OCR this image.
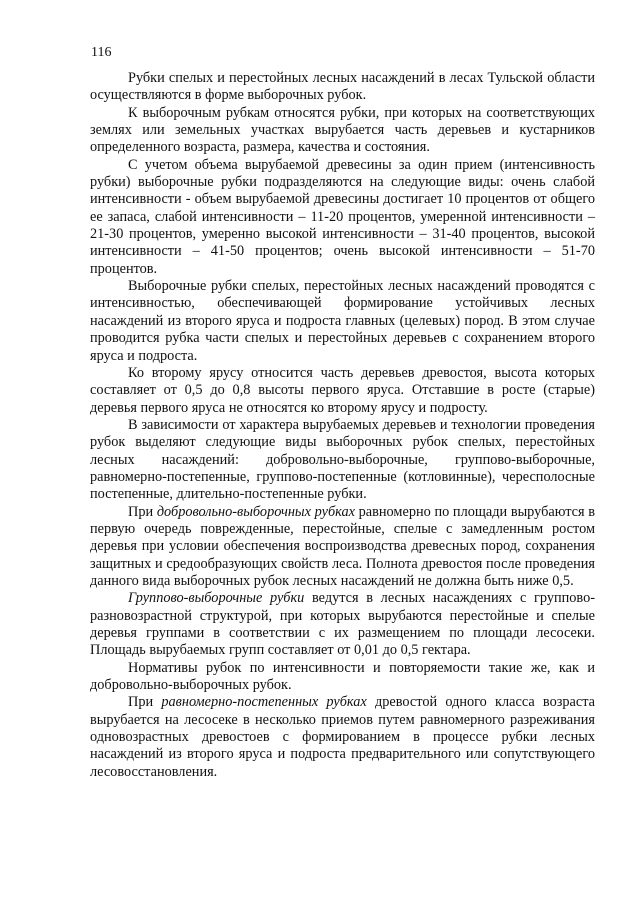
116

Рубки спелых и перестойных лесных насаждений в лесах Тульской области осуществляются в форме выборочных рубок.

К выборочным рубкам относятся рубки, при которых на соответствующих землях или земельных участках вырубается часть деревьев и кустарников определенного возраста, размера, качества и состояния.

С учетом объема вырубаемой древесины за один прием (интенсивность рубки) выборочные рубки подразделяются на следующие виды: очень слабой интенсивности - объем вырубаемой древесины достигает 10 процентов от общего ее запаса, слабой интенсивности – 11-20 процентов, умеренной интенсивности – 21-30 процентов, умеренно высокой интенсивности – 31-40 процентов, высокой интенсивности – 41-50 процентов; очень высокой интенсивности – 51-70 процентов.

Выборочные рубки спелых, перестойных лесных насаждений проводятся с интенсивностью, обеспечивающей формирование устойчивых лесных насаждений из второго яруса и подроста главных (целевых) пород. В этом случае проводится рубка части спелых и перестойных деревьев с сохранением второго яруса и подроста.

Ко второму ярусу относится часть деревьев древостоя, высота которых составляет от 0,5 до 0,8 высоты первого яруса. Отставшие в росте (старые) деревья первого яруса не относятся ко второму ярусу и подросту.

В зависимости от характера вырубаемых деревьев и технологии проведения рубок выделяют следующие виды выборочных рубок спелых, перестойных лесных насаждений: добровольно-выборочные, группово-выборочные, равномерно-постепенные, группово-постепенные (котловинные), чересполосные постепенные, длительно-постепенные рубки.

При добровольно-выборочных рубках равномерно по площади вырубаются в первую очередь поврежденные, перестойные, спелые с замедленным ростом деревья при условии обеспечения воспроизводства древесных пород, сохранения защитных и средообразующих свойств леса. Полнота древостоя после проведения данного вида выборочных рубок лесных насаждений не должна быть ниже 0,5.

Группово-выборочные рубки ведутся в лесных насаждениях с группово-разновозрастной структурой, при которых вырубаются перестойные и спелые деревья группами в соответствии с их размещением по площади лесосеки. Площадь вырубаемых групп составляет от 0,01 до 0,5 гектара.

Нормативы рубок по интенсивности и повторяемости такие же, как и добровольно-выборочных рубок.

При равномерно-постепенных рубках древостой одного класса возраста вырубается на лесосеке в несколько приемов путем равномерного разреживания одновозрастных древостоев с формированием в процессе рубки лесных насаждений из второго яруса и подроста предварительного или сопутствующего лесовосстановления.
